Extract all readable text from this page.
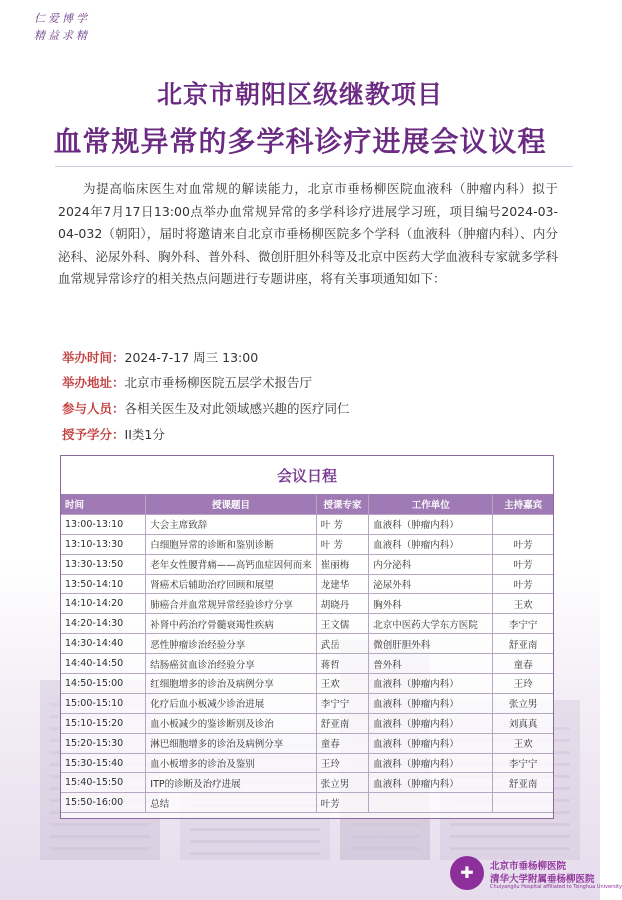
仁爱博学
精益求精
北京市朝阳区级继教项目
血常规异常的多学科诊疗进展会议议程
为提高临床医生对血常规的解读能力，北京市垂杨柳医院血液科（肿瘤内科）拟于2024年7月17日13:00点举办血常规异常的多学科诊疗进展学习班，项目编号2024-03-04-032（朝阳），届时将邀请来自北京市垂杨柳医院多个学科（血液科（肿瘤内科）、内分泌科、泌尿外科、胸外科、普外科、微创肝胆外科等及北京中医药大学血液科专家就多学科血常规异常诊疗的相关热点问题进行专题讲座，将有关事项通知如下：
举办时间：2024-7-17 周三 13:00
举办地址：北京市垂杨柳医院五层学术报告厅
参与人员：各相关医生及对此领域感兴趣的医疗同仁
授予学分：II类1分
会议日程
时间	授课题目	授课专家	工作单位	主持嘉宾
13:00-13:10	大会主席致辞	叶 芳	血液科（肿瘤内科）	
13:10-13:30	白细胞异常的诊断和鉴别诊断	叶 芳	血液科（肿瘤内科）	叶芳
13:30-13:50	老年女性腰背痛——高钙血症因何而来	崔丽梅	内分泌科	叶芳
13:50-14:10	肾癌术后辅助治疗回顾和展望	龙建华	泌尿外科	叶芳
14:10-14:20	肺癌合并血常规异常经验诊疗分享	胡晓丹	胸外科	王欢
14:20-14:30	补肾中药治疗骨髓衰竭性疾病	王文儒	北京中医药大学东方医院	李宁宁
14:30-14:40	恶性肿瘤诊治经验分享	武岳	微创肝胆外科	舒亚南
14:40-14:50	结肠癌贫血诊治经验分享	蒋哲	普外科	童春
14:50-15:00	红细胞增多的诊治及病例分享	王欢	血液科（肿瘤内科）	王玲
15:00-15:10	化疗后血小板减少诊治进展	李宁宁	血液科（肿瘤内科）	张立男
15:10-15:20	血小板减少的鉴诊断别及诊治	舒亚南	血液科（肿瘤内科）	刘真真
15:20-15:30	淋巴细胞增多的诊治及病例分享	童春	血液科（肿瘤内科）	王欢
15:30-15:40	血小板增多的诊治及鉴别	王玲	血液科（肿瘤内科）	李宁宁
15:40-15:50	ITP的诊断及治疗进展	张立男	血液科（肿瘤内科）	舒亚南
15:50-16:00	总结	叶芳		
✚	北京市垂杨柳医院
清华大学附属垂杨柳医院
Chuiyangliu Hospital affiliated to Tsinghua University
